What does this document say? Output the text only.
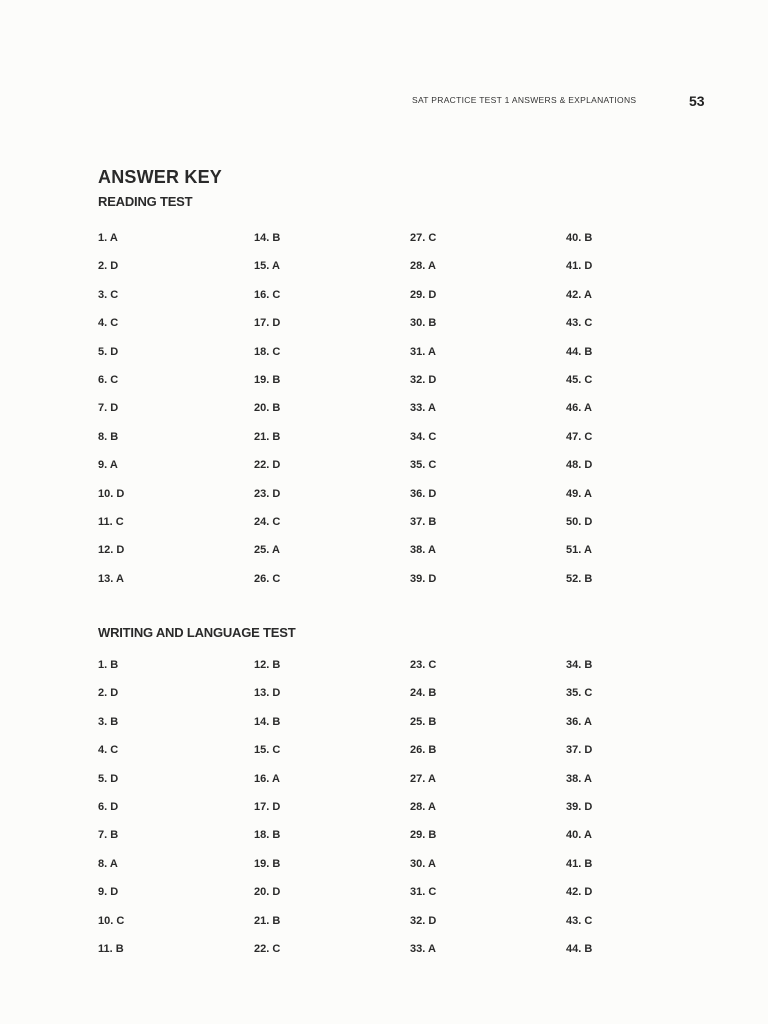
SAT PRACTICE TEST 1 ANSWERS & EXPLANATIONS	53
ANSWER KEY
READING TEST
1. A
2. D
3. C
4. C
5. D
6. C
7. D
8. B
9. A
10. D
11. C
12. D
13. A
14. B
15. A
16. C
17. D
18. C
19. B
20. B
21. B
22. D
23. D
24. C
25. A
26. C
27. C
28. A
29. D
30. B
31. A
32. D
33. A
34. C
35. C
36. D
37. B
38. A
39. D
40. B
41. D
42. A
43. C
44. B
45. C
46. A
47. C
48. D
49. A
50. D
51. A
52. B
WRITING AND LANGUAGE TEST
1. B
2. D
3. B
4. C
5. D
6. D
7. B
8. A
9. D
10. C
11. B
12. B
13. D
14. B
15. C
16. A
17. D
18. B
19. B
20. D
21. B
22. C
23. C
24. B
25. B
26. B
27. A
28. A
29. B
30. A
31. C
32. D
33. A
34. B
35. C
36. A
37. D
38. A
39. D
40. A
41. B
42. D
43. C
44. B
